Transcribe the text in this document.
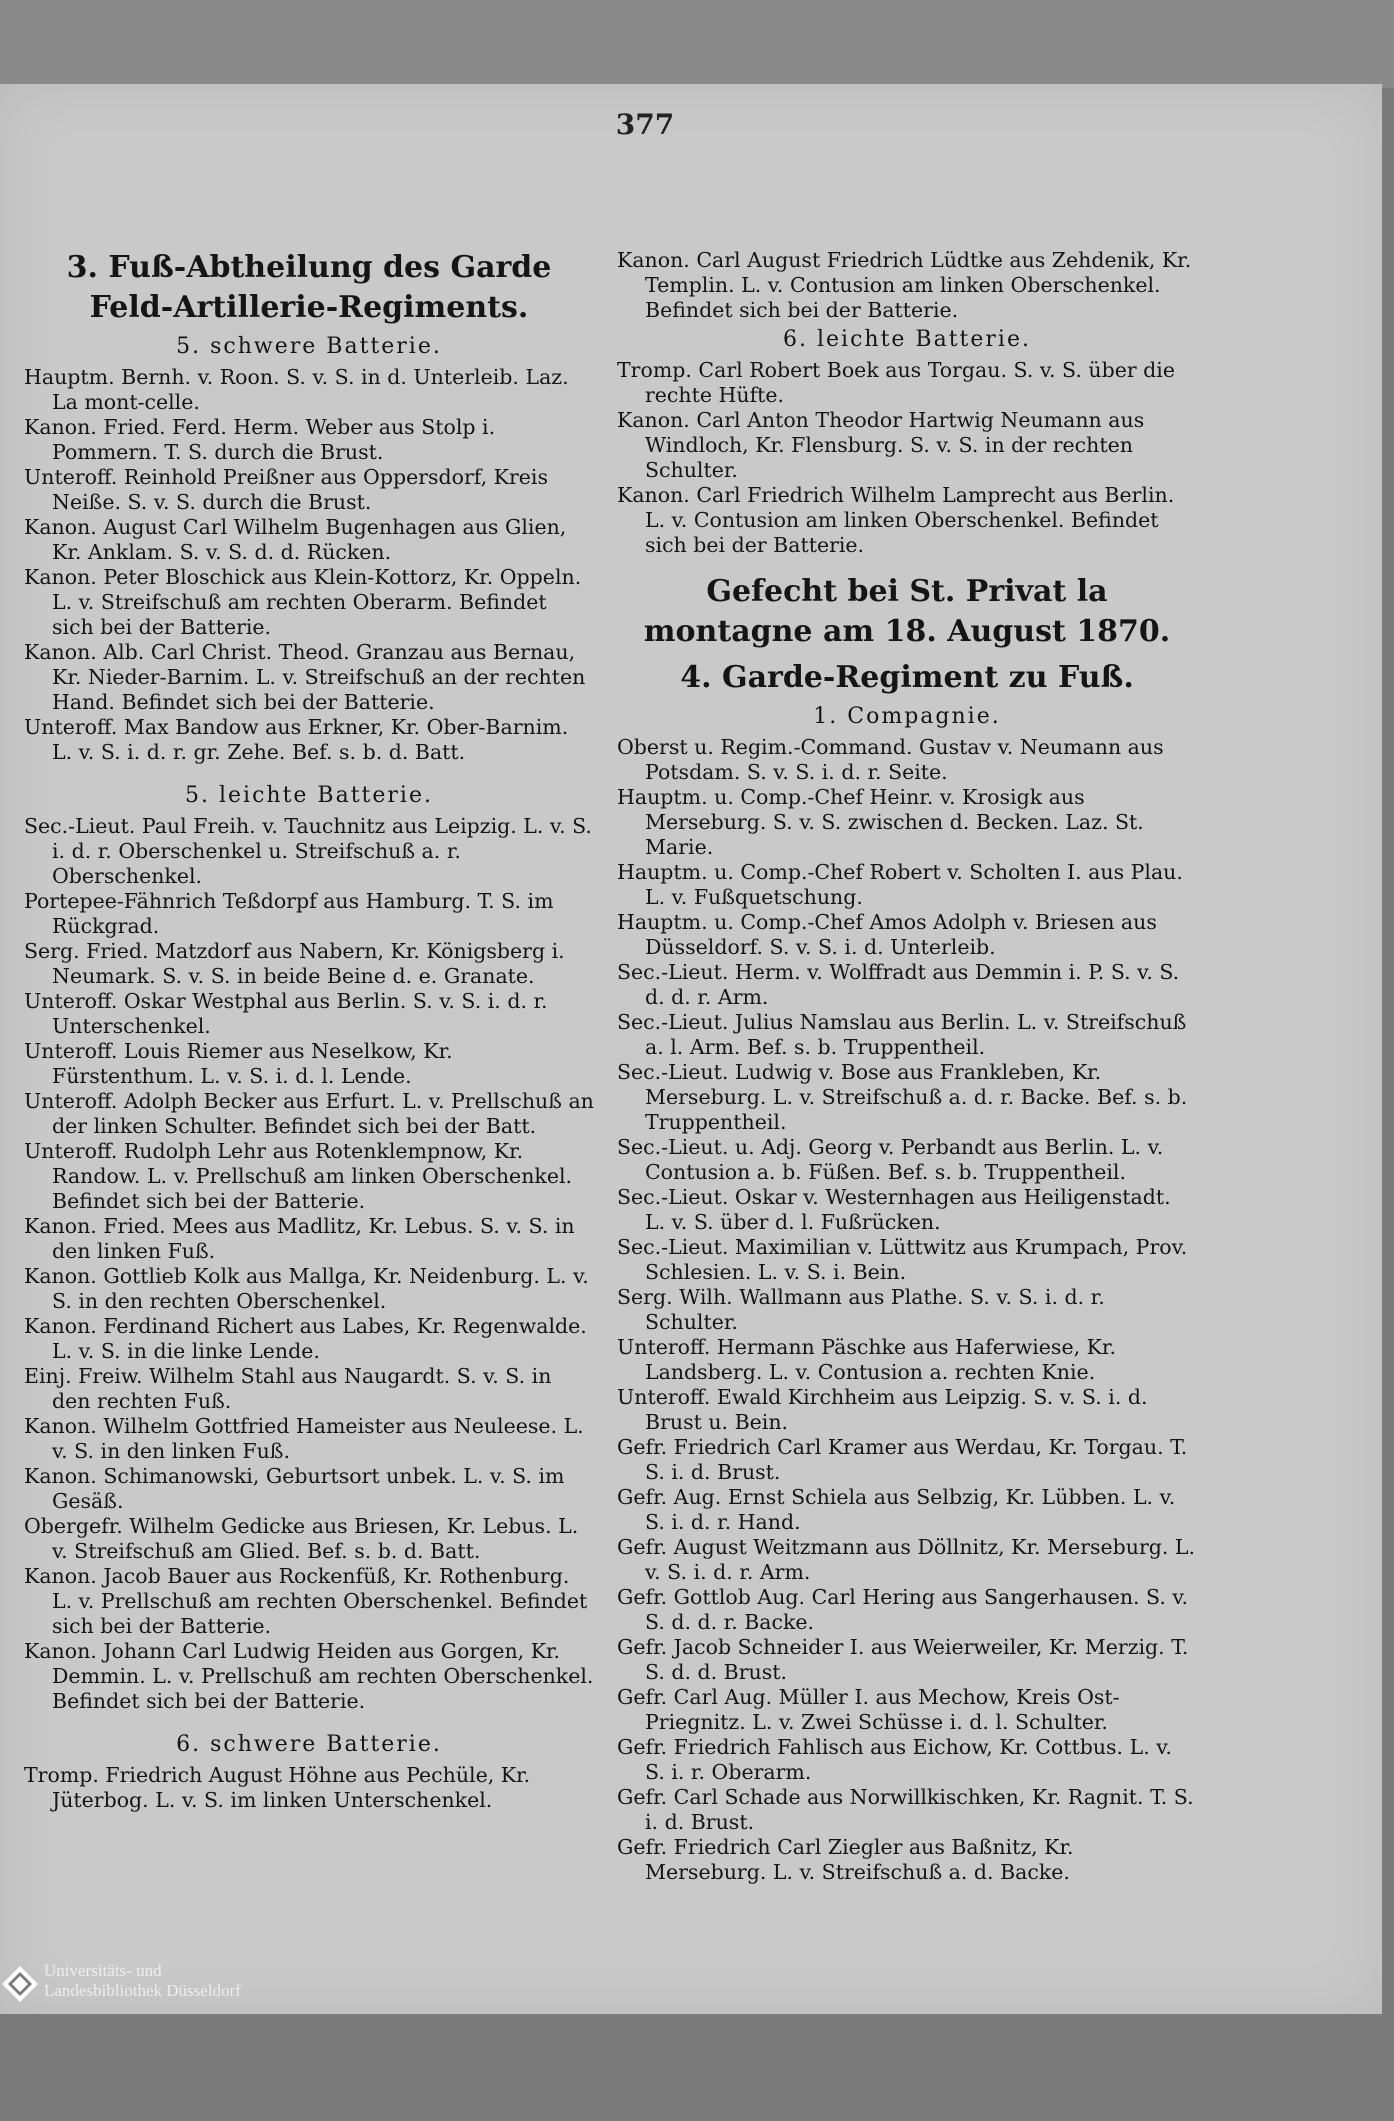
377
3. Fuß-Abtheilung des Garde Feld-Artillerie-Regiments.
5. schwere Batterie.
Hauptm. Bernh. v. Roon. S. v. S. in d. Unterleib. Laz. La mont-celle.
Kanon. Fried. Ferd. Herm. Weber aus Stolp i. Pommern. T. S. durch die Brust.
Unteroff. Reinhold Preißner aus Oppersdorf, Kreis Neiße. S. v. S. durch die Brust.
Kanon. August Carl Wilhelm Bugenhagen aus Glien, Kr. Anklam. S. v. S. d. d. Rücken.
Kanon. Peter Bloschick aus Klein-Kottorz, Kr. Oppeln. L. v. Streifschuß am rechten Oberarm. Befindet sich bei der Batterie.
Kanon. Alb. Carl Christ. Theod. Granzau aus Bernau, Kr. Nieder-Barnim. L. v. Streifschuß an der rechten Hand. Befindet sich bei der Batterie.
Unteroff. Max Bandow aus Erkner, Kr. Ober-Barnim. L. v. S. i. d. r. gr. Zehe. Bef. s. b. d. Batt.
5. leichte Batterie.
Sec.-Lieut. Paul Freih. v. Tauchnitz aus Leipzig. L. v. S. i. d. r. Oberschenkel u. Streifschuß a. r. Oberschenkel.
Portepee-Fähnrich Teßdorpf aus Hamburg. T. S. im Rückgrad.
Serg. Fried. Matzdorf aus Nabern, Kr. Königsberg i. Neumark. S. v. S. in beide Beine d. e. Granate.
Unteroff. Oskar Westphal aus Berlin. S. v. S. i. d. r. Unterschenkel.
Unteroff. Louis Riemer aus Neselkow, Kr. Fürstenthum. L. v. S. i. d. l. Lende.
Unteroff. Adolph Becker aus Erfurt. L. v. Prellschuß an der linken Schulter. Befindet sich bei der Batt.
Unteroff. Rudolph Lehr aus Rotenklempnow, Kr. Randow. L. v. Prellschuß am linken Oberschenkel. Befindet sich bei der Batterie.
Kanon. Fried. Mees aus Madlitz, Kr. Lebus. S. v. S. in den linken Fuß.
Kanon. Gottlieb Kolk aus Mallga, Kr. Neidenburg. L. v. S. in den rechten Oberschenkel.
Kanon. Ferdinand Richert aus Labes, Kr. Regenwalde. L. v. S. in die linke Lende.
Einj. Freiw. Wilhelm Stahl aus Naugardt. S. v. S. in den rechten Fuß.
Kanon. Wilhelm Gottfried Hameister aus Neuleese. L. v. S. in den linken Fuß.
Kanon. Schimanowski, Geburtsort unbek. L. v. S. im Gesäß.
Obergefr. Wilhelm Gedicke aus Briesen, Kr. Lebus. L. v. Streifschuß am Glied. Bef. s. b. d. Batt.
Kanon. Jacob Bauer aus Rockenfüß, Kr. Rothenburg. L. v. Prellschuß am rechten Oberschenkel. Befindet sich bei der Batterie.
Kanon. Johann Carl Ludwig Heiden aus Gorgen, Kr. Demmin. L. v. Prellschuß am rechten Oberschenkel. Befindet sich bei der Batterie.
6. schwere Batterie.
Tromp. Friedrich August Höhne aus Pechüle, Kr. Jüterbog. L. v. S. im linken Unterschenkel.
Kanon. Carl August Friedrich Lüdtke aus Zehdenik, Kr. Templin. L. v. Contusion am linken Oberschenkel. Befindet sich bei der Batterie.
6. leichte Batterie.
Tromp. Carl Robert Boek aus Torgau. S. v. S. über die rechte Hüfte.
Kanon. Carl Anton Theodor Hartwig Neumann aus Windloch, Kr. Flensburg. S. v. S. in der rechten Schulter.
Kanon. Carl Friedrich Wilhelm Lamprecht aus Berlin. L. v. Contusion am linken Oberschenkel. Befindet sich bei der Batterie.
Gefecht bei St. Privat la montagne am 18. August 1870.
4. Garde-Regiment zu Fuß.
1. Compagnie.
Oberst u. Regim.-Command. Gustav v. Neumann aus Potsdam. S. v. S. i. d. r. Seite.
Hauptm. u. Comp.-Chef Heinr. v. Krosigk aus Merseburg. S. v. S. zwischen d. Becken. Laz. St. Marie.
Hauptm. u. Comp.-Chef Robert v. Scholten I. aus Plau. L. v. Fußquetschung.
Hauptm. u. Comp.-Chef Amos Adolph v. Briesen aus Düsseldorf. S. v. S. i. d. Unterleib.
Sec.-Lieut. Herm. v. Wolffradt aus Demmin i. P. S. v. S. d. d. r. Arm.
Sec.-Lieut. Julius Namslau aus Berlin. L. v. Streifschuß a. l. Arm. Bef. s. b. Truppentheil.
Sec.-Lieut. Ludwig v. Bose aus Frankleben, Kr. Merseburg. L. v. Streifschuß a. d. r. Backe. Bef. s. b. Truppentheil.
Sec.-Lieut. u. Adj. Georg v. Perbandt aus Berlin. L. v. Contusion a. b. Füßen. Bef. s. b. Truppentheil.
Sec.-Lieut. Oskar v. Westernhagen aus Heiligenstadt. L. v. S. über d. l. Fußrücken.
Sec.-Lieut. Maximilian v. Lüttwitz aus Krumpach, Prov. Schlesien. L. v. S. i. Bein.
Serg. Wilh. Wallmann aus Plathe. S. v. S. i. d. r. Schulter.
Unteroff. Hermann Päschke aus Haferwiese, Kr. Landsberg. L. v. Contusion a. rechten Knie.
Unteroff. Ewald Kirchheim aus Leipzig. S. v. S. i. d. Brust u. Bein.
Gefr. Friedrich Carl Kramer aus Werdau, Kr. Torgau. T. S. i. d. Brust.
Gefr. Aug. Ernst Schiela aus Selbzig, Kr. Lübben. L. v. S. i. d. r. Hand.
Gefr. August Weitzmann aus Döllnitz, Kr. Merseburg. L. v. S. i. d. r. Arm.
Gefr. Gottlob Aug. Carl Hering aus Sangerhausen. S. v. S. d. d. r. Backe.
Gefr. Jacob Schneider I. aus Weierweiler, Kr. Merzig. T. S. d. d. Brust.
Gefr. Carl Aug. Müller I. aus Mechow, Kreis Ost-Priegnitz. L. v. Zwei Schüsse i. d. l. Schulter.
Gefr. Friedrich Fahlisch aus Eichow, Kr. Cottbus. L. v. S. i. r. Oberarm.
Gefr. Carl Schade aus Norwillkischken, Kr. Ragnit. T. S. i. d. Brust.
Gefr. Friedrich Carl Ziegler aus Baßnitz, Kr. Merseburg. L. v. Streifschuß a. d. Backe.
Universitäts- und
Landesbibliothek Düsseldorf
